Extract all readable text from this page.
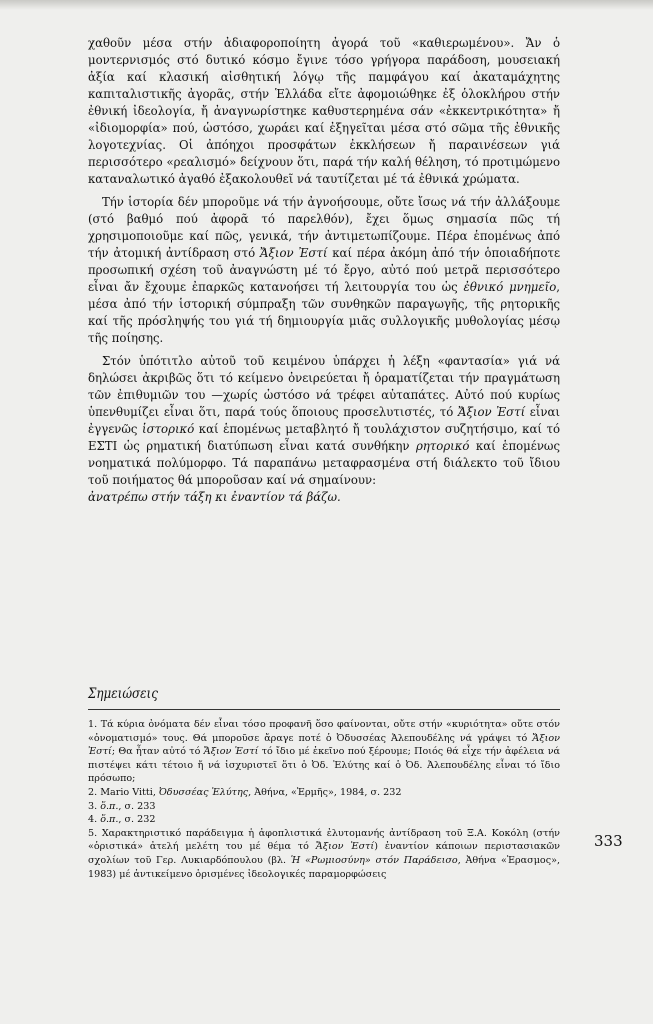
χαθοῦν μέσα στήν ἀδιαφοροποίητη ἀγορά τοῦ «καθιερωμένου». Ἄν ὁ μοντερνισμός στό δυτικό κόσμο ἔγινε τόσο γρήγορα παράδοση, μουσειακή ἀξία καί κλασική αἰσθητική λόγῳ τῆς παμφάγου καί ἀκαταμάχητης καπιταλιστικῆς ἀγορᾶς, στήν Ἑλλάδα εἴτε ἀφομοιώθηκε ἐξ ὁλοκλήρου στήν ἐθνική ἰδεολογία, ἤ ἀναγνωρίστηκε καθυστερημένα σάν «ἐκκεντρικότητα» ἤ «ἰδιομορφία» πού, ὡστόσο, χωράει καί ἐξηγεῖται μέσα στό σῶμα τῆς ἐθνικῆς λογοτεχνίας. Οἱ ἀπόηχοι προσφάτων ἐκκλήσεων ἤ παραινέσεων γιά περισσότερο «ρεαλισμό» δείχνουν ὅτι, παρά τήν καλή θέληση, τό προτιμώμενο καταναλωτικό ἀγαθό ἐξακολουθεῖ νά ταυτίζεται μέ τά ἐθνικά χρώματα.

Τήν ἱστορία δέν μποροῦμε νά τήν ἀγνοήσουμε, οὔτε ἴσως νά τήν ἀλλάξουμε (στό βαθμό πού ἀφορᾶ τό παρελθόν), ἔχει ὅμως σημασία πῶς τή χρησιμοποιοῦμε καί πῶς, γενικά, τήν ἀντιμετωπίζουμε. Πέρα ἑπομένως ἀπό τήν ἀτομική ἀντίδραση στό Ἄξιον Ἐστί καί πέρα ἀκόμη ἀπό τήν ὁποιαδήποτε προσωπική σχέση τοῦ ἀναγνώστη μέ τό ἔργο, αὐτό πού μετρᾶ περισσότερο εἶναι ἄν ἔχουμε ἐπαρκῶς κατανοήσει τή λειτουργία του ὡς ἐθνικό μνημεῖο, μέσα ἀπό τήν ἱστορική σύμπραξη τῶν συνθηκῶν παραγωγῆς, τῆς ρητορικῆς καί τῆς πρόσληψής του γιά τή δημιουργία μιᾶς συλλογικῆς μυθολογίας μέσῳ τῆς ποίησης.

Στόν ὑπότιτλο αὐτοῦ τοῦ κειμένου ὑπάρχει ἡ λέξη «φαντασία» γιά νά δηλώσει ἀκριβῶς ὅτι τό κείμενο ὀνειρεύεται ἤ ὁραματίζεται τήν πραγμάτωση τῶν ἐπιθυμιῶν του —χωρίς ὡστόσο νά τρέφει αὐταπάτες. Αὐτό πού κυρίως ὑπενθυμίζει εἶναι ὅτι, παρά τούς ὅποιους προσελυτιστές, τό Ἄξιον Ἐστί εἶναι ἐγγενῶς ἱστορικό καί ἑπομένως μεταβλητό ἤ τουλάχιστον συζητήσιμο, καί τό ΕΣΤΙ ὡς ρηματική διατύπωση εἶναι κατά συνθήκην ρητορικό καί ἑπομένως νοηματικά πολύμορφο. Τά παραπάνω μεταφρασμένα στή διάλεκτο τοῦ ἴδιου τοῦ ποιήματος θά μποροῦσαν καί νά σημαίνουν:

ἀνατρέπω στήν τάξη κι ἐναντίον τά βάζω.

Σημειώσεις

1. Τά κύρια ὀνόματα δέν εἶναι τόσο προφανῆ ὅσο φαίνονται, οὔτε στήν «κυριότητα» οὔτε στόν «ὀνοματισμό» τους. Θά μποροῦσε ἄραγε ποτέ ὁ Ὀδυσσέας Ἀλεπουδέλης νά γράψει τό Ἄξιον Ἐστί; Θα ἦταν αὐτό τό Ἄξιον Ἐστί τό ἴδιο μέ ἐκεῖνο πού ξέρουμε; Ποιός θά εἶχε τήν ἀφέλεια νά πιστέψει κάτι τέτοιο ἤ νά ἰσχυριστεῖ ὅτι ὁ Ὀδ. Ἐλύτης καί ὁ Ὀδ. Ἀλεπουδέλης εἶναι τό ἴδιο πρόσωπο;

2. Mario Vitti, Ὀδυσσέας Ἐλύτης, Ἀθήνα, «Ἑρμῆς», 1984, σ. 232

3. ὅ.π., σ. 233

4. ὅ.π., σ. 232

5. Χαρακτηριστικό παράδειγμα ἡ ἀφοπλιστικά ἐλυτομανής ἀντίδραση τοῦ Ξ.Α. Κοκόλη (στήν «ὁριστικά» ἀτελή μελέτη του μέ θέμα τό Ἄξιον Ἐστί) ἐναντίον κάποιων περιστασιακῶν σχολίων τοῦ Γερ. Λυκιαρδόπουλου (βλ. Ἡ «Ρωμιοσύνη» στόν Παράδεισο, Ἀθήνα «Ἐρασμος», 1983) μέ ἀντικείμενο ὁρισμένες ἰδεολογικές παραμορφώσεις

333
